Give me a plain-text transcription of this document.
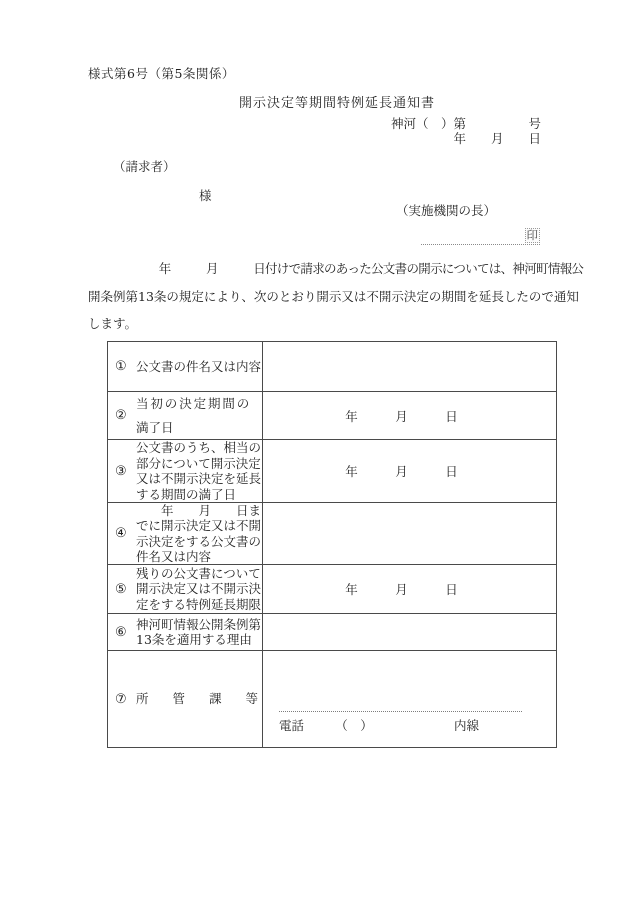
様式第6号（第5条関係）
開示決定等期間特例延長通知書
神河（　）第　　　　　号
年　　月　　日
（請求者）
様
（実施機関の長）
印
　　　　　　年　　　月　　　日付けで請求のあった公文書の開示については、神河町情報公
開条例第13条の規定により、次のとおり開示又は不開示決定の期間を延長したので通知
します。
① 公文書の件名又は内容
②
当初の決定期間の
満了日
年　　　月　　　日
③
公文書のうち、相当の部分について開示決定又は不開示決定を延長する期間の満了日
年　　　月　　　日
④
　　年　　月　　日までに開示決定又は不開示決定をする公文書の件名又は内容
⑤
残りの公文書について開示決定又は不開示決定をする特例延長期限
年　　　月　　　日
⑥
神河町情報公開条例第13条を適用する理由
⑦ 所管課等
電話　　　（　）　　　　　　　内線
